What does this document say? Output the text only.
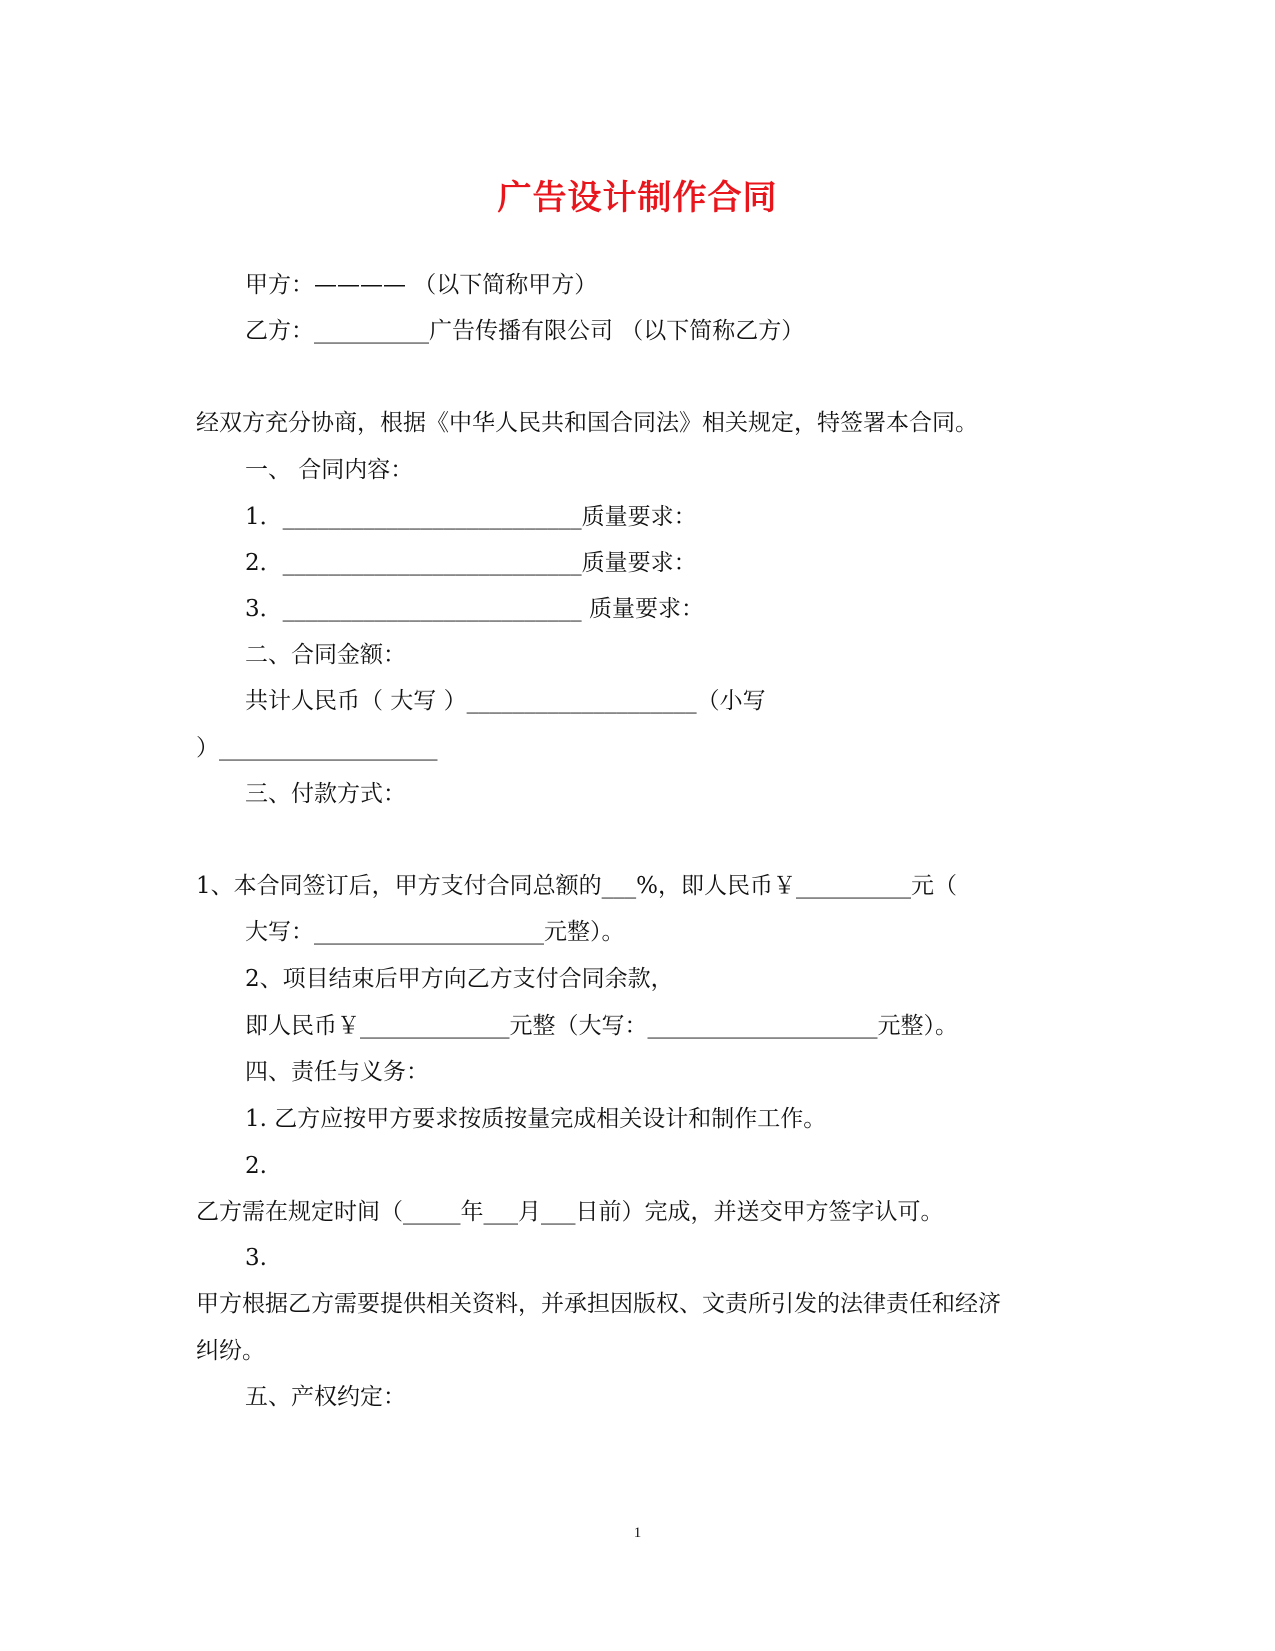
广告设计制作合同

甲方：———— （以下简称甲方）

乙方：__________广告传播有限公司 （以下简称乙方）

经双方充分协商，根据《中华人民共和国合同法》相关规定，特签署本合同。

一、 合同内容：

1．__________________________质量要求：

2．__________________________质量要求：

3．__________________________ 质量要求：

二、合同金额：

共计人民币（ 大写 ）____________________（小写

）___________________

三、付款方式：

1、本合同签订后，甲方支付合同总额的___%，即人民币￥__________元（

大写：____________________元整）。

2、项目结束后甲方向乙方支付合同余款，

即人民币￥_____________元整（大写：____________________元整）。

四、责任与义务：

1. 乙方应按甲方要求按质按量完成相关设计和制作工作。

2.

乙方需在规定时间（_____年___月___日前）完成，并送交甲方签字认可。

3.

甲方根据乙方需要提供相关资料，并承担因版权、文责所引发的法律责任和经济

纠纷。

五、产权约定：

1
